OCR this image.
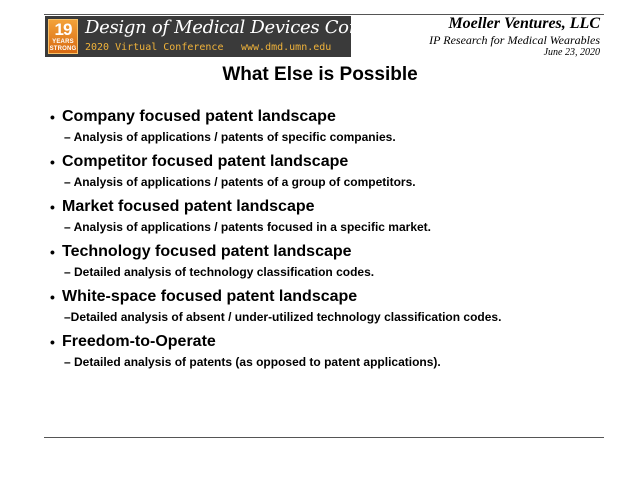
19
YEARS STRONG
Design of Medical Devices Conference
2020 Virtual Conference www.dmd.umn.edu
Moeller Ventures, LLC
IP Research for Medical Wearables
June 23, 2020
What Else is Possible
• Company focused patent landscape
– Analysis of applications / patents of specific companies.
• Competitor focused patent landscape
– Analysis of applications / patents of a group of competitors.
• Market focused patent landscape
– Analysis of applications / patents focused in a specific market.
• Technology focused patent landscape
– Detailed analysis of technology classification codes.
• White-space focused patent landscape
–Detailed analysis of absent / under-utilized technology classification codes.
• Freedom-to-Operate
– Detailed analysis of patents (as opposed to patent applications).
